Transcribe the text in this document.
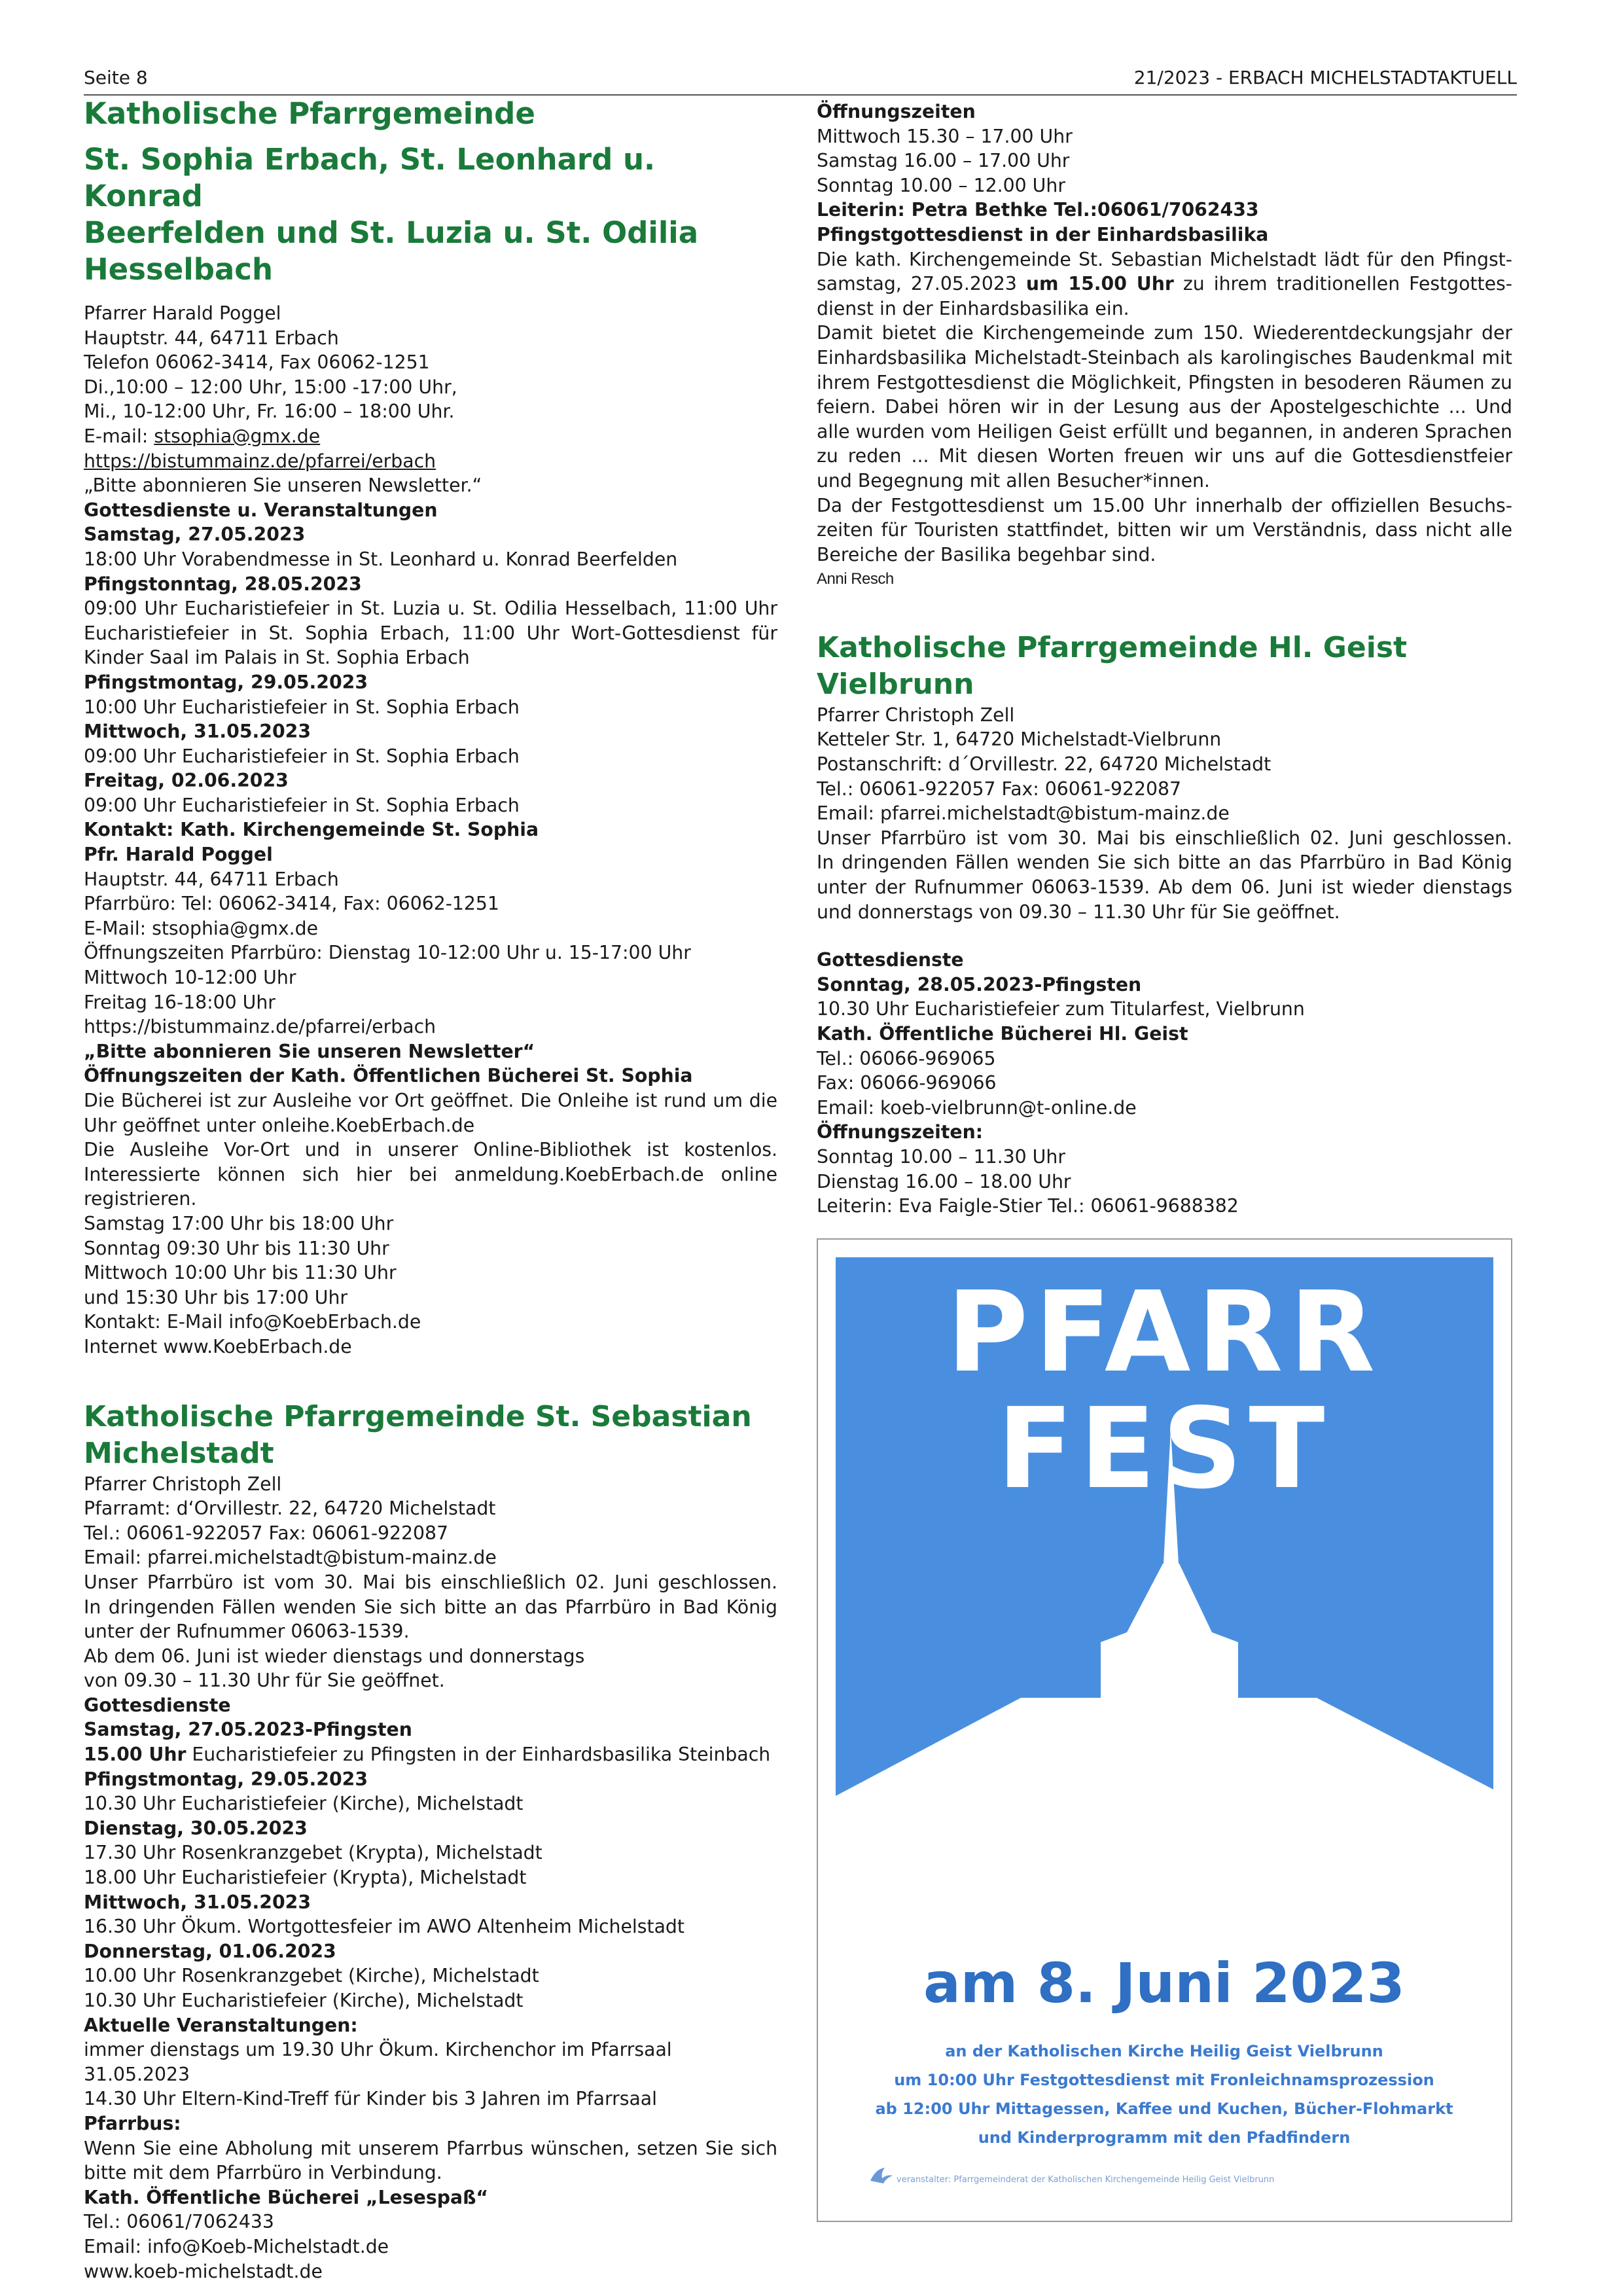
Seite 8	21/2023 - ERBACH MICHELSTADTAKTUELL
Katholische Pfarrgemeinde
St. Sophia Erbach, St. Leonhard u. Konrad
Beerfelden und St. Luzia u. St. Odilia Hesselbach
Pfarrer Harald Poggel
Hauptstr. 44, 64711 Erbach
Telefon 06062-3414, Fax 06062-1251
Di.,10:00 – 12:00 Uhr, 15:00 -17:00 Uhr,
Mi., 10-12:00 Uhr, Fr. 16:00 – 18:00 Uhr.
E-mail: stsophia@gmx.de
https://bistummainz.de/pfarrei/erbach
„Bitte abonnieren Sie unseren Newsletter.“
Gottesdienste u. Veranstaltungen
Samstag, 27.05.2023
18:00 Uhr Vorabendmesse in St. Leonhard u. Konrad Beerfelden
Pfingstonntag, 28.05.2023
09:00 Uhr Eucharistiefeier in St. Luzia u. St. Odilia Hesselbach, 11:00 Uhr
Eucharistiefeier in St. Sophia Erbach, 11:00 Uhr Wort-Gottesdienst für
Kinder Saal im Palais in St. Sophia Erbach
Pfingstmontag, 29.05.2023
10:00 Uhr Eucharistiefeier in St. Sophia Erbach
Mittwoch, 31.05.2023
09:00 Uhr Eucharistiefeier in St. Sophia Erbach
Freitag, 02.06.2023
09:00 Uhr Eucharistiefeier in St. Sophia Erbach
Kontakt: Kath. Kirchengemeinde St. Sophia
Pfr. Harald Poggel
Hauptstr. 44, 64711 Erbach
Pfarrbüro: Tel: 06062-3414, Fax: 06062-1251
E-Mail: stsophia@gmx.de
Öffnungszeiten Pfarrbüro: Dienstag 10-12:00 Uhr u. 15-17:00 Uhr
Mittwoch 10-12:00 Uhr
Freitag 16-18:00 Uhr
https://bistummainz.de/pfarrei/erbach
„Bitte abonnieren Sie unseren Newsletter“
Öffnungszeiten der Kath. Öffentlichen Bücherei St. Sophia
Die Bücherei ist zur Ausleihe vor Ort geöffnet. Die Onleihe ist rund um die
Uhr geöffnet unter onleihe.KoebErbach.de
Die Ausleihe Vor-Ort und in unserer Online-Bibliothek ist kostenlos.
Interessierte können sich hier bei anmeldung.KoebErbach.de online
registrieren.
Samstag 17:00 Uhr bis 18:00 Uhr
Sonntag 09:30 Uhr bis 11:30 Uhr
Mittwoch 10:00 Uhr bis 11:30 Uhr
und 15:30 Uhr bis 17:00 Uhr
Kontakt: E-Mail info@KoebErbach.de
Internet www.KoebErbach.de
Katholische Pfarrgemeinde St. Sebastian
Michelstadt
Pfarrer Christoph Zell
Pfarramt: d‘Orvillestr. 22, 64720 Michelstadt
Tel.: 06061-922057 Fax: 06061-922087
Email: pfarrei.michelstadt@bistum-mainz.de
Unser Pfarrbüro ist vom 30. Mai bis einschließlich 02. Juni geschlossen.
In dringenden Fällen wenden Sie sich bitte an das Pfarrbüro in Bad König
unter der Rufnummer 06063-1539.
Ab dem 06. Juni ist wieder dienstags und donnerstags
von 09.30 – 11.30 Uhr für Sie geöffnet.
Gottesdienste
Samstag, 27.05.2023-Pfingsten
15.00 Uhr Eucharistiefeier zu Pfingsten in der Einhardsbasilika Steinbach
Pfingstmontag, 29.05.2023
10.30 Uhr Eucharistiefeier (Kirche), Michelstadt
Dienstag, 30.05.2023
17.30 Uhr Rosenkranzgebet (Krypta), Michelstadt
18.00 Uhr Eucharistiefeier (Krypta), Michelstadt
Mittwoch, 31.05.2023
16.30 Uhr Ökum. Wortgottesfeier im AWO Altenheim Michelstadt
Donnerstag, 01.06.2023
10.00 Uhr Rosenkranzgebet (Kirche), Michelstadt
10.30 Uhr Eucharistiefeier (Kirche), Michelstadt
Aktuelle Veranstaltungen:
immer dienstags um 19.30 Uhr Ökum. Kirchenchor im Pfarrsaal
31.05.2023
14.30 Uhr Eltern-Kind-Treff für Kinder bis 3 Jahren im Pfarrsaal
Pfarrbus:
Wenn Sie eine Abholung mit unserem Pfarrbus wünschen, setzen Sie sich
bitte mit dem Pfarrbüro in Verbindung.
Kath. Öffentliche Bücherei „Lesespaß“
Tel.: 06061/7062433
Email: info@Koeb-Michelstadt.de
www.koeb-michelstadt.de
Öffnungszeiten
Mittwoch 15.30 – 17.00 Uhr
Samstag 16.00 – 17.00 Uhr
Sonntag 10.00 – 12.00 Uhr
Leiterin: Petra Bethke Tel.:06061/7062433
Pfingstgottesdienst in der Einhardsbasilika
Die kath. Kirchengemeinde St. Sebastian Michelstadt lädt für den Pfingst-
samstag, 27.05.2023 um 15.00 Uhr zu ihrem traditionellen Festgottes-
dienst in der Einhardsbasilika ein.
Damit bietet die Kirchengemeinde zum 150. Wiederentdeckungsjahr der
Einhardsbasilika Michelstadt-Steinbach als karolingisches Baudenkmal mit
ihrem Festgottesdienst die Möglichkeit, Pfingsten in besoderen Räumen zu
feiern. Dabei hören wir in der Lesung aus der Apostelgeschichte ... Und
alle wurden vom Heiligen Geist erfüllt und begannen, in anderen Sprachen
zu reden ... Mit diesen Worten freuen wir uns auf die Gottesdienstfeier
und Begegnung mit allen Besucher*innen.
Da der Festgottesdienst um 15.00 Uhr innerhalb der offiziellen Besuchs-
zeiten für Touristen stattfindet, bitten wir um Verständnis, dass nicht alle
Bereiche der Basilika begehbar sind.
Anni Resch
Katholische Pfarrgemeinde Hl. Geist Vielbrunn
Pfarrer Christoph Zell
Ketteler Str. 1, 64720 Michelstadt-Vielbrunn
Postanschrift: d´Orvillestr. 22, 64720 Michelstadt
Tel.: 06061-922057 Fax: 06061-922087
Email: pfarrei.michelstadt@bistum-mainz.de
Unser Pfarrbüro ist vom 30. Mai bis einschließlich 02. Juni geschlossen.
In dringenden Fällen wenden Sie sich bitte an das Pfarrbüro in Bad König
unter der Rufnummer 06063-1539. Ab dem 06. Juni ist wieder dienstags
und donnerstags von 09.30 – 11.30 Uhr für Sie geöffnet.
Gottesdienste
Sonntag, 28.05.2023-Pfingsten
10.30 Uhr Eucharistiefeier zum Titularfest, Vielbrunn
Kath. Öffentliche Bücherei Hl. Geist
Tel.: 06066-969065
Fax: 06066-969066
Email: koeb-vielbrunn@t-online.de
Öffnungszeiten:
Sonntag 10.00 – 11.30 Uhr
Dienstag 16.00 – 18.00 Uhr
Leiterin: Eva Faigle-Stier Tel.: 06061-9688382
PFARR
FEST
am 8. Juni 2023
an der Katholischen Kirche Heilig Geist Vielbrunn
um 10:00 Uhr Festgottesdienst mit Fronleichnamsprozession
ab 12:00 Uhr Mittagessen, Kaffee und Kuchen, Bücher-Flohmarkt
und Kinderprogramm mit den Pfadfindern
veranstalter: Pfarrgemeinderat der Katholischen Kirchengemeinde Heilig Geist Vielbrunn
